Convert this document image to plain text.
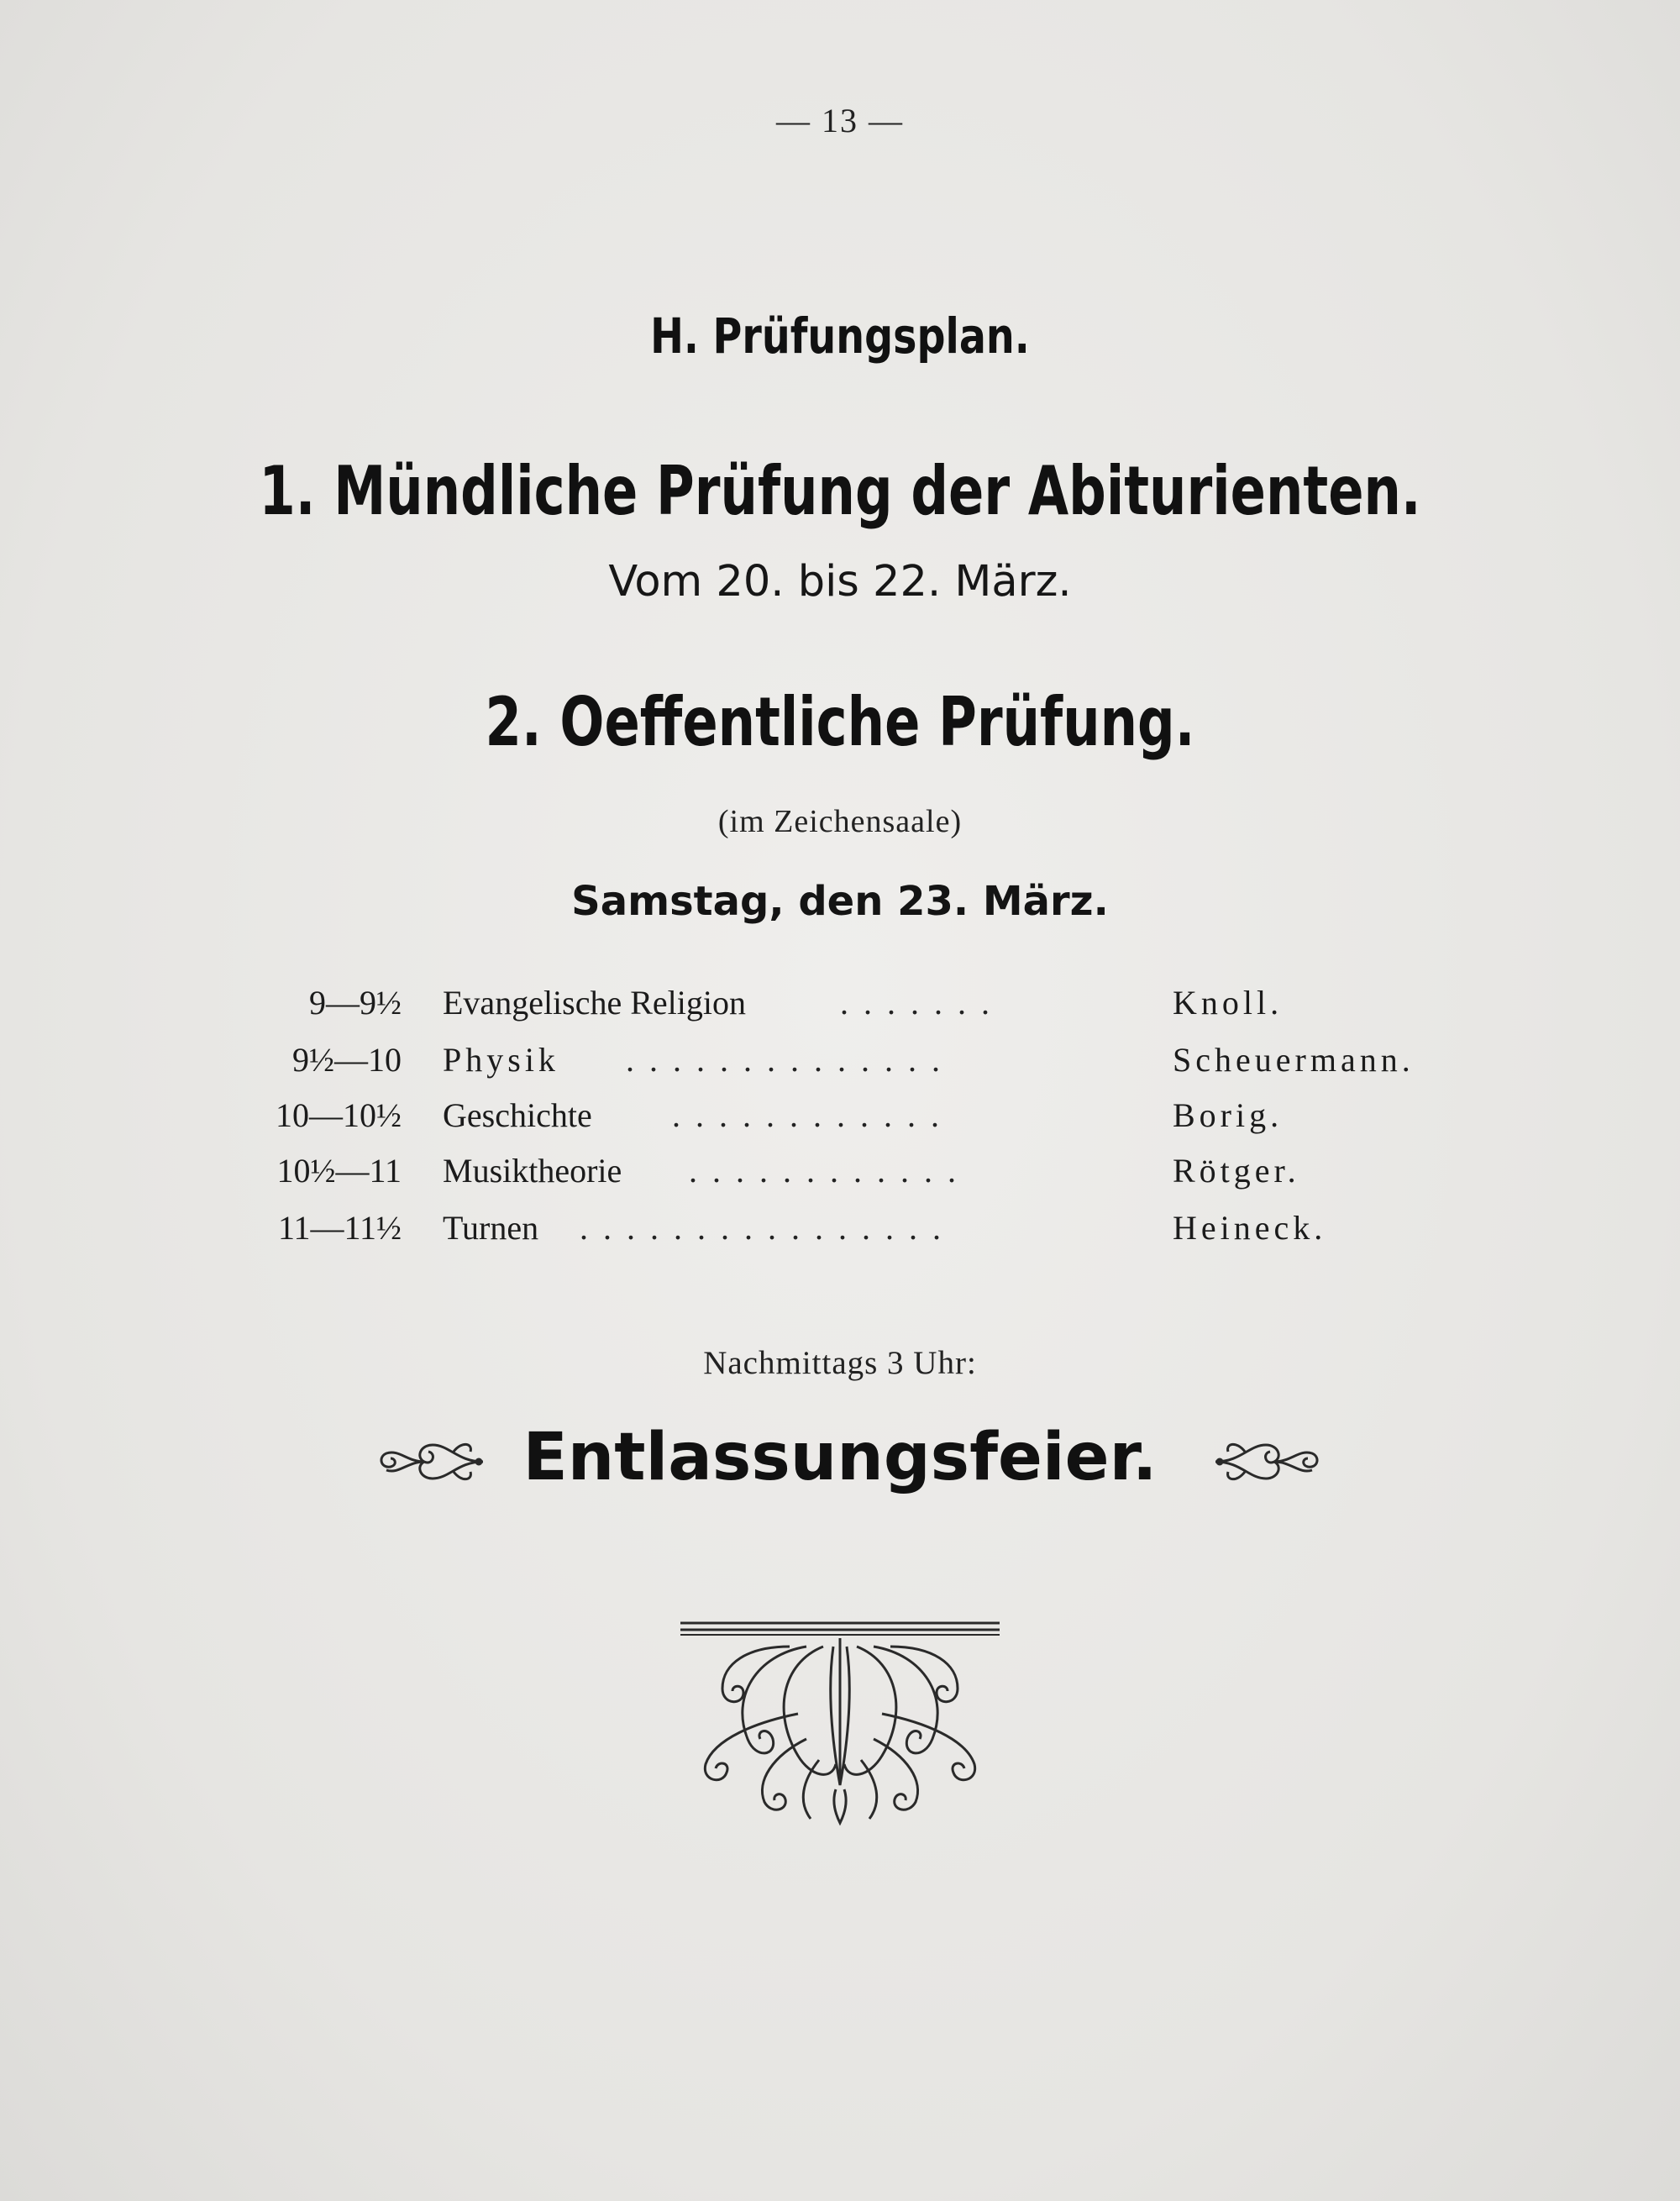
— 13 —
H. Prüfungsplan.
1. Mündliche Prüfung der Abiturienten.
Vom 20. bis 22. März.
2. Oeffentliche Prüfung.
(im Zeichensaale)
Samstag, den 23. März.
9—9½ Evangelische Religion	.......	Knoll.
9½—10 Physik ..............	Scheuermann.
10—10½ Geschichte ............	Borig.
10½—11 Musiktheorie ............	Rötger.
11—11½ Turnen ................	Heineck.
Nachmittags 3 Uhr:
Entlassungsfeier.
